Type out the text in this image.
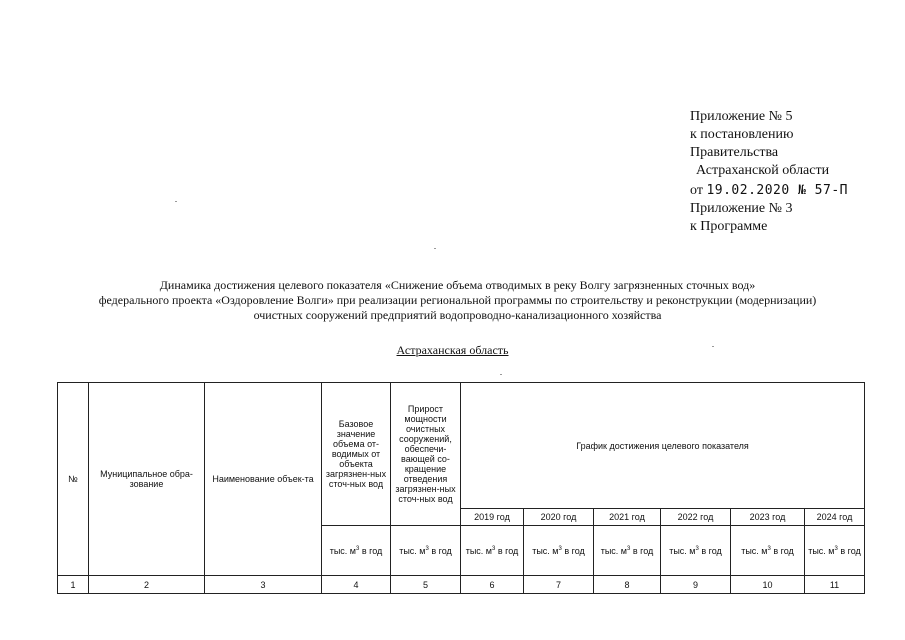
Приложение № 5
к постановлению
Правительства
Астраханской области
от 19.02.2020 № 57-П
Приложение № 3
к Программе
Динамика достижения целевого показателя «Снижение объема отводимых в реку Волгу загрязненных сточных вод»
федерального проекта «Оздоровление Волги» при реализации региональной программы по строительству и реконструкции (модернизации)
очистных сооружений предприятий водопроводно-канализационного хозяйства
Астраханская область
№	Муниципальное обра-зование	Наименование объек-та	Базовое значение объема от-водимых от объекта загрязнен-ных сточ-ных вод	Прирост мощности очистных сооружений, обеспечи-вающей со-кращение отведения загрязнен-ных сточ-ных вод	График достижения целевого показателя					
					2019 год	2020 год	2021 год	2022 год	2023 год	2024 год
			тыс. $м^3$ в год	тыс. $м^3$ в год	тыс. $м^3$ в год	тыс. $м^3$ в год	тыс. $м^3$ в год	тыс. $м^3$ в год	тыс. $м^3$ в год	тыс. $м^3$ в год
1	2	3	4	5	6	7	8	9	10	11
